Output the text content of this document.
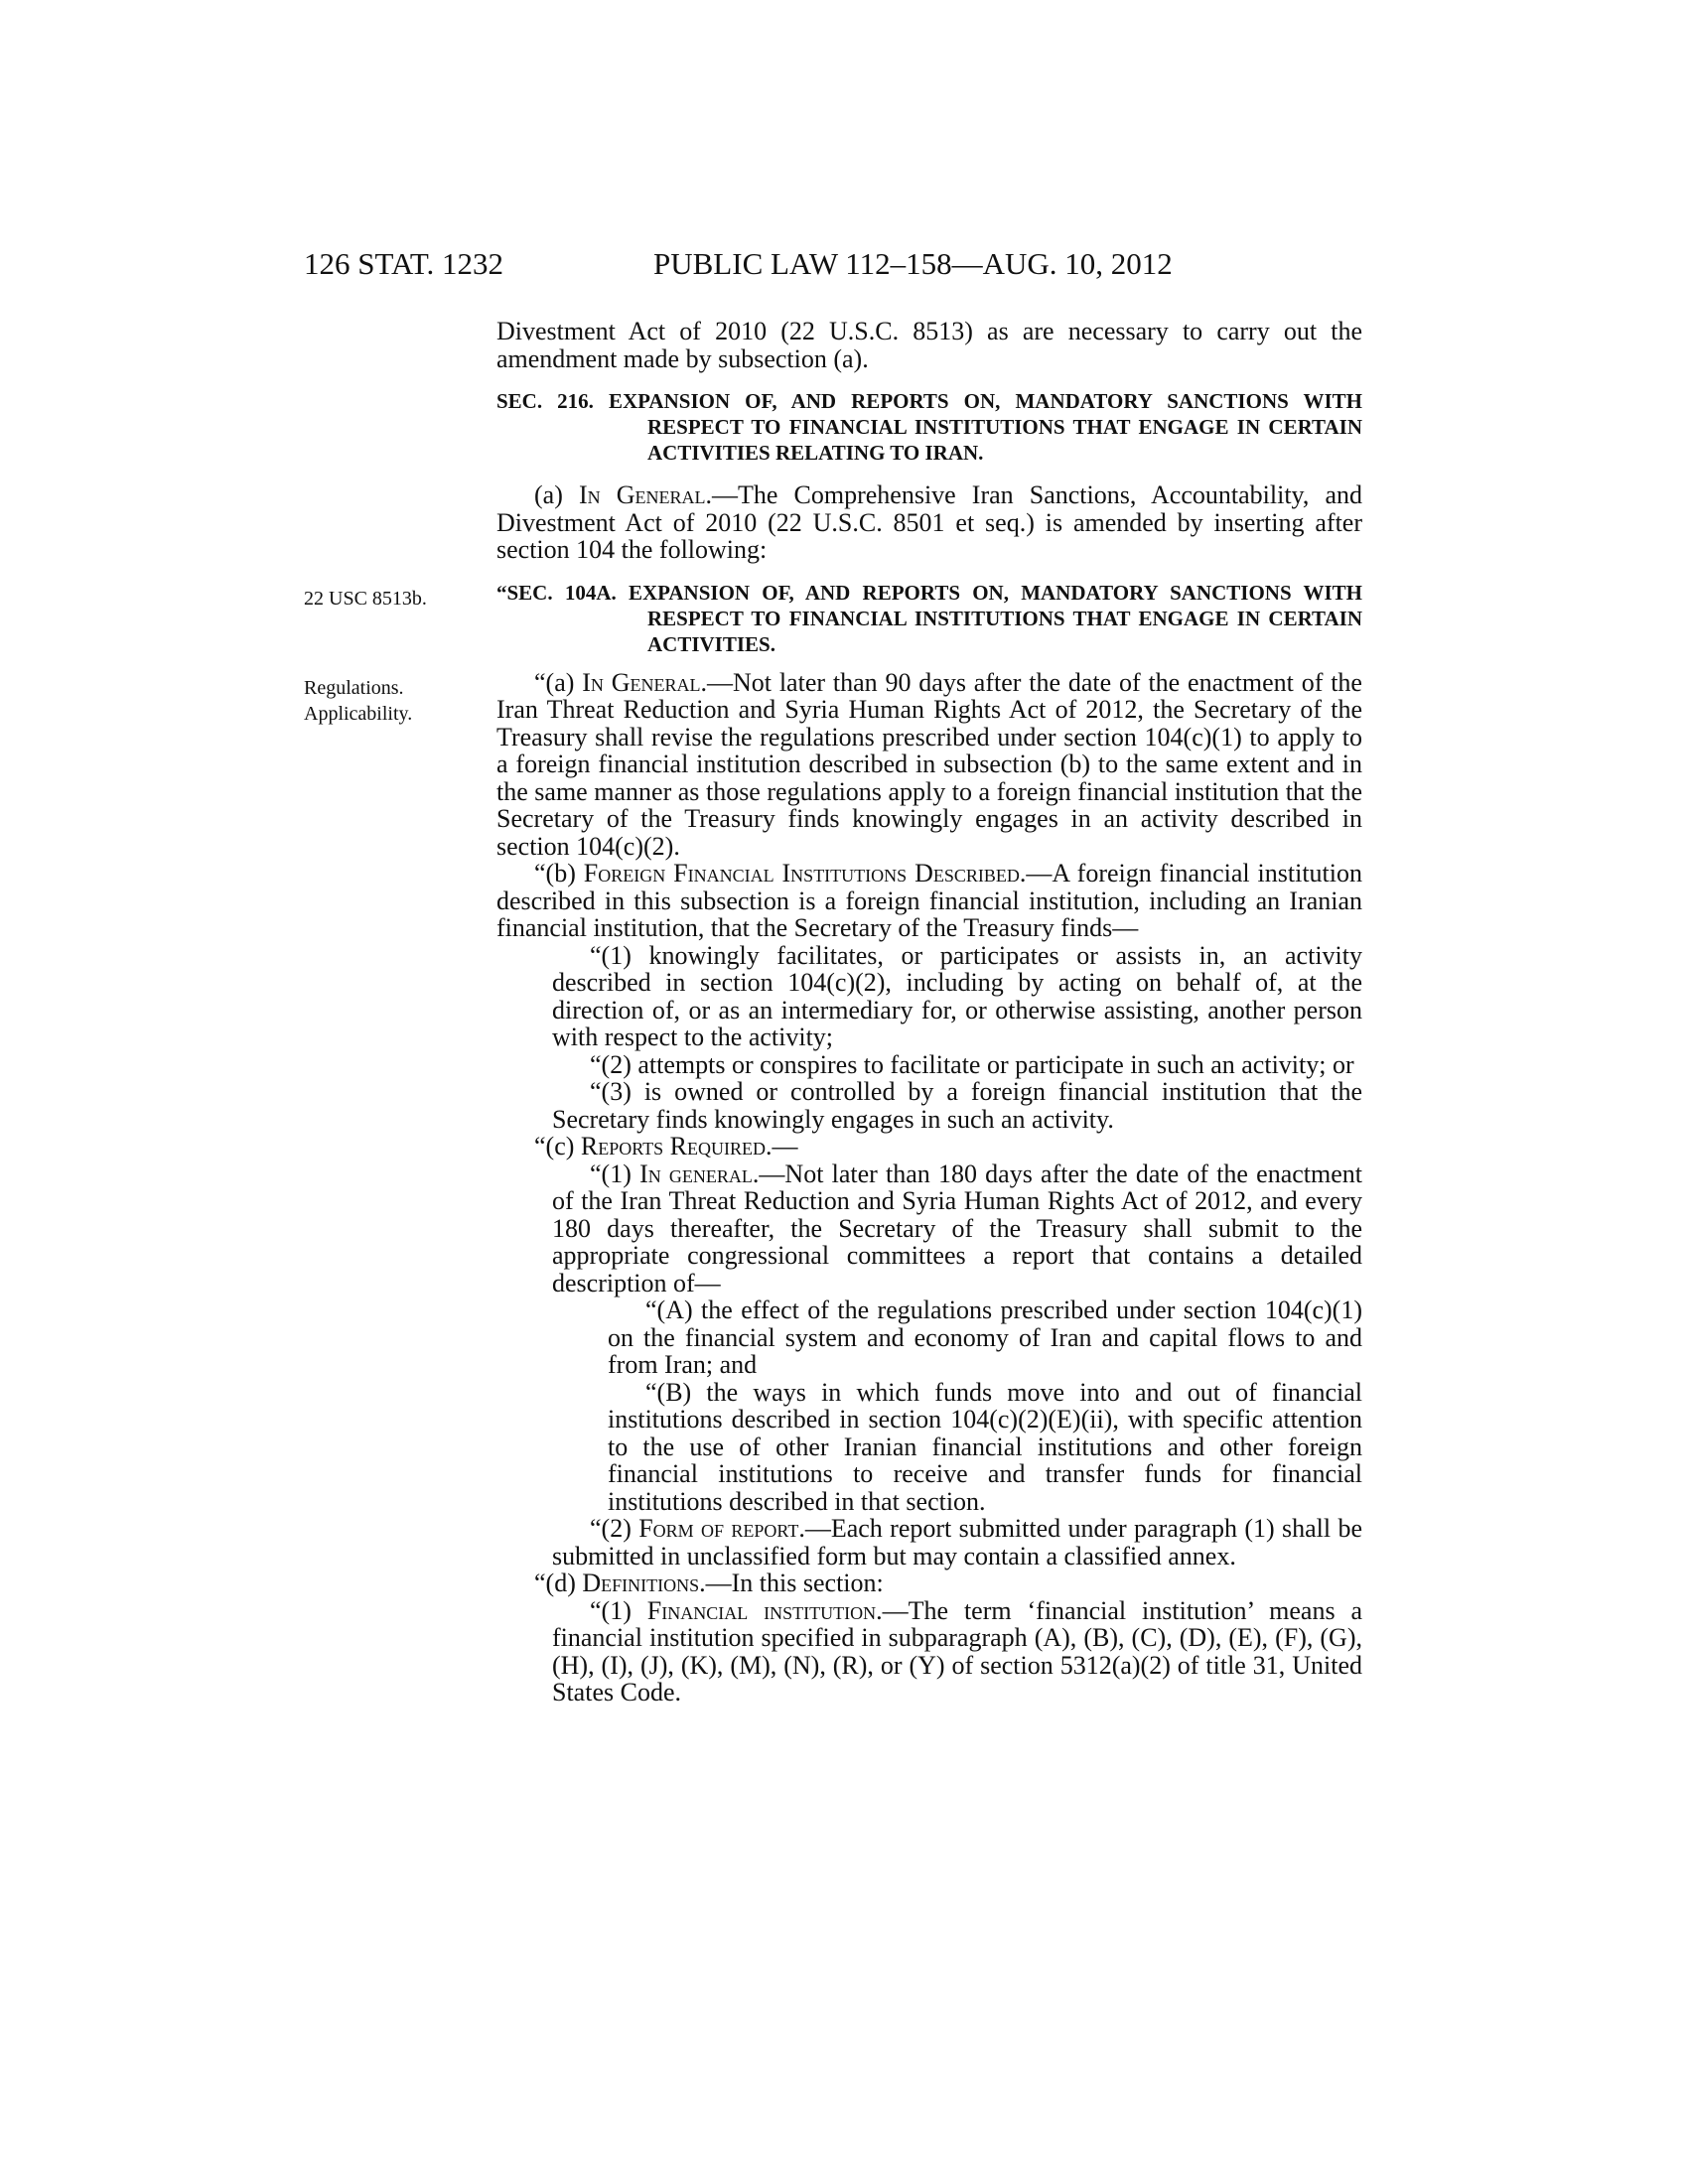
126 STAT. 1232	PUBLIC LAW 112–158—AUG. 10, 2012
22 USC 8513b.
Regulations.
Applicability.

Divestment Act of 2010 (22 U.S.C. 8513) as are necessary to carry out the amendment made by subsection (a).

SEC. 216. EXPANSION OF, AND REPORTS ON, MANDATORY SANCTIONS WITH RESPECT TO FINANCIAL INSTITUTIONS THAT ENGAGE IN CERTAIN ACTIVITIES RELATING TO IRAN.

(a) In General.—The Comprehensive Iran Sanctions, Accountability, and Divestment Act of 2010 (22 U.S.C. 8501 et seq.) is amended by inserting after section 104 the following:

“SEC. 104A. EXPANSION OF, AND REPORTS ON, MANDATORY SANCTIONS WITH RESPECT TO FINANCIAL INSTITUTIONS THAT ENGAGE IN CERTAIN ACTIVITIES.

“(a) In General.—Not later than 90 days after the date of the enactment of the Iran Threat Reduction and Syria Human Rights Act of 2012, the Secretary of the Treasury shall revise the regulations prescribed under section 104(c)(1) to apply to a foreign financial institution described in subsection (b) to the same extent and in the same manner as those regulations apply to a foreign financial institution that the Secretary of the Treasury finds knowingly engages in an activity described in section 104(c)(2).

“(b) Foreign Financial Institutions Described.—A foreign financial institution described in this subsection is a foreign financial institution, including an Iranian financial institution, that the Secretary of the Treasury finds—

“(1) knowingly facilitates, or participates or assists in, an activity described in section 104(c)(2), including by acting on behalf of, at the direction of, or as an intermediary for, or otherwise assisting, another person with respect to the activity;

“(2) attempts or conspires to facilitate or participate in such an activity; or

“(3) is owned or controlled by a foreign financial institution that the Secretary finds knowingly engages in such an activity.

“(c) Reports Required.—

“(1) In general.—Not later than 180 days after the date of the enactment of the Iran Threat Reduction and Syria Human Rights Act of 2012, and every 180 days thereafter, the Secretary of the Treasury shall submit to the appropriate congressional committees a report that contains a detailed description of—

“(A) the effect of the regulations prescribed under section 104(c)(1) on the financial system and economy of Iran and capital flows to and from Iran; and

“(B) the ways in which funds move into and out of financial institutions described in section 104(c)(2)(E)(ii), with specific attention to the use of other Iranian financial institutions and other foreign financial institutions to receive and transfer funds for financial institutions described in that section.

“(2) Form of report.—Each report submitted under paragraph (1) shall be submitted in unclassified form but may contain a classified annex.

“(d) Definitions.—In this section:

“(1) Financial institution.—The term ‘financial institution’ means a financial institution specified in subparagraph (A), (B), (C), (D), (E), (F), (G), (H), (I), (J), (K), (M), (N), (R), or (Y) of section 5312(a)(2) of title 31, United States Code.
